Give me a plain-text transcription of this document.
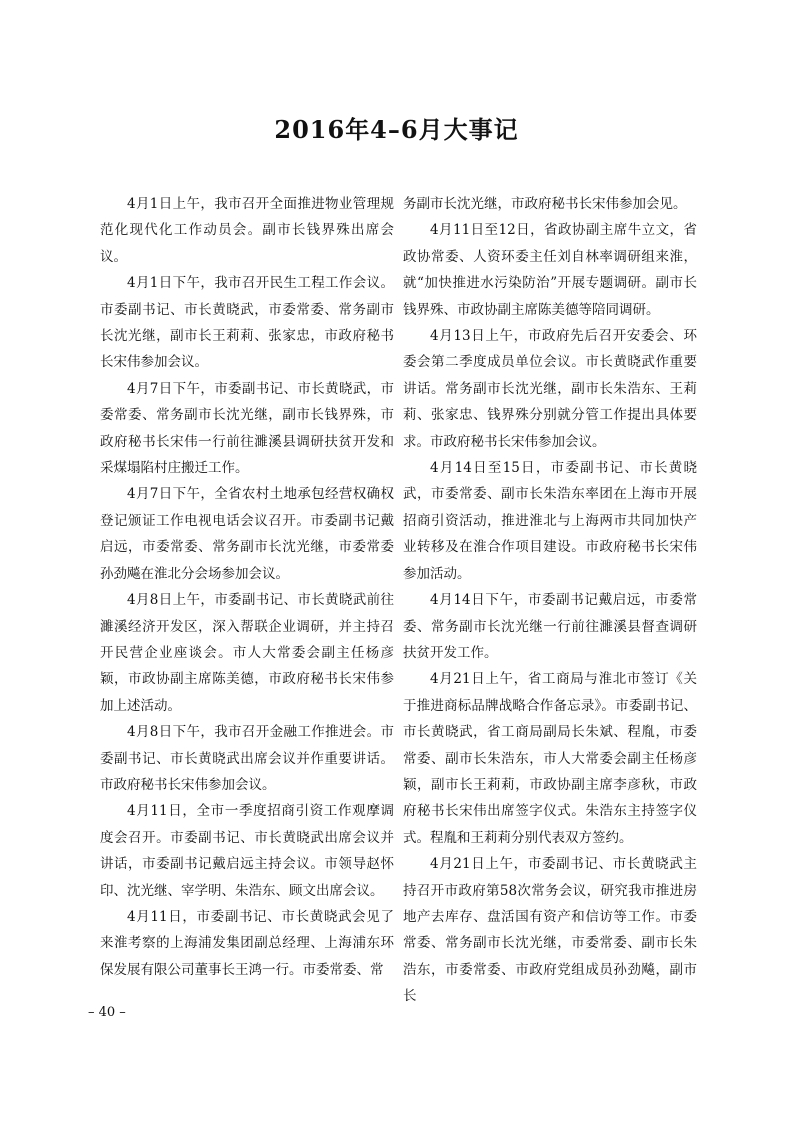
2016年4–6月大事记

4月1日上午，我市召开全面推进物业管理规范化现代化工作动员会。副市长钱界殊出席会议。

4月1日下午，我市召开民生工程工作会议。市委副书记、市长黄晓武，市委常委、常务副市长沈光继，副市长王莉莉、张家忠，市政府秘书长宋伟参加会议。

4月7日下午，市委副书记、市长黄晓武，市委常委、常务副市长沈光继，副市长钱界殊，市政府秘书长宋伟一行前往濉溪县调研扶贫开发和采煤塌陷村庄搬迁工作。

4月7日下午，全省农村土地承包经营权确权登记颁证工作电视电话会议召开。市委副书记戴启远，市委常委、常务副市长沈光继，市委常委孙劲飚在淮北分会场参加会议。

4月8日上午，市委副书记、市长黄晓武前往濉溪经济开发区，深入帮联企业调研，并主持召开民营企业座谈会。市人大常委会副主任杨彦颖，市政协副主席陈美德，市政府秘书长宋伟参加上述活动。

4月8日下午，我市召开金融工作推进会。市委副书记、市长黄晓武出席会议并作重要讲话。市政府秘书长宋伟参加会议。

4月11日，全市一季度招商引资工作观摩调度会召开。市委副书记、市长黄晓武出席会议并讲话，市委副书记戴启远主持会议。市领导赵怀印、沈光继、宰学明、朱浩东、顾文出席会议。

4月11日，市委副书记、市长黄晓武会见了来淮考察的上海浦发集团副总经理、上海浦东环保发展有限公司董事长王鸿一行。市委常委、常

务副市长沈光继，市政府秘书长宋伟参加会见。

4月11日至12日，省政协副主席牛立文，省政协常委、人资环委主任刘自林率调研组来淮，就“加快推进水污染防治”开展专题调研。副市长钱界殊、市政协副主席陈美德等陪同调研。

4月13日上午，市政府先后召开安委会、环委会第二季度成员单位会议。市长黄晓武作重要讲话。常务副市长沈光继，副市长朱浩东、王莉莉、张家忠、钱界殊分别就分管工作提出具体要求。市政府秘书长宋伟参加会议。

4月14日至15日，市委副书记、市长黄晓武，市委常委、副市长朱浩东率团在上海市开展招商引资活动，推进淮北与上海两市共同加快产业转移及在淮合作项目建设。市政府秘书长宋伟参加活动。

4月14日下午，市委副书记戴启远，市委常委、常务副市长沈光继一行前往濉溪县督查调研扶贫开发工作。

4月21日上午，省工商局与淮北市签订《关于推进商标品牌战略合作备忘录》。市委副书记、市长黄晓武，省工商局副局长朱斌、程胤，市委常委、副市长朱浩东，市人大常委会副主任杨彦颖，副市长王莉莉，市政协副主席李彦秋，市政府秘书长宋伟出席签字仪式。朱浩东主持签字仪式。程胤和王莉莉分别代表双方签约。

4月21日上午，市委副书记、市长黄晓武主持召开市政府第58次常务会议，研究我市推进房地产去库存、盘活国有资产和信访等工作。市委常委、常务副市长沈光继，市委常委、副市长朱浩东，市委常委、市政府党组成员孙劲飚，副市长

– 40 –
